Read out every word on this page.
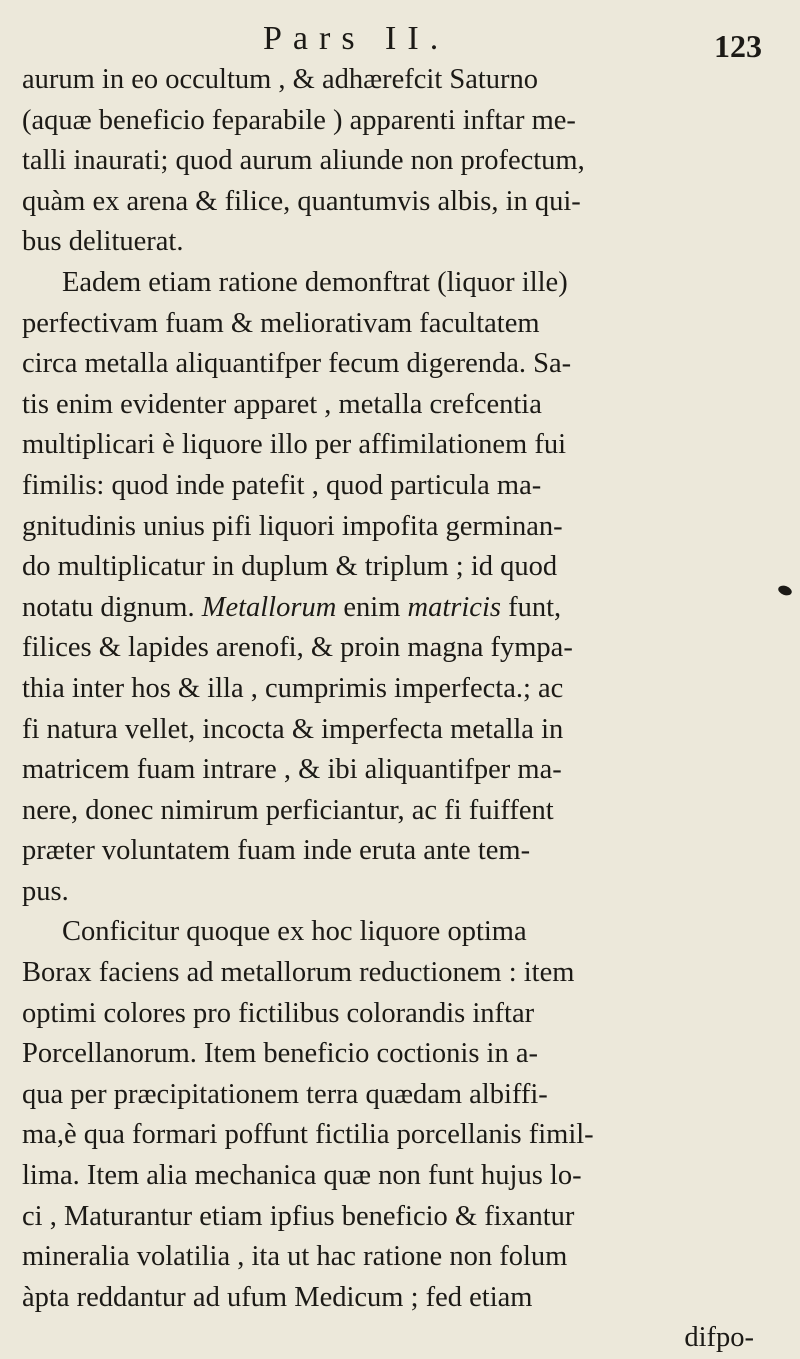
Pars II.	123
aurum in eo occultum , & adhærefcit Saturno
(aquæ beneficio feparabile ) apparenti inftar me-
talli inaurati; quod aurum aliunde non profectum,
quàm ex arena & filice, quantumvis albis, in qui-
bus delituerat.
Eadem etiam ratione demonftrat (liquor ille)
perfectivam fuam & meliorativam facultatem
circa metalla aliquantifper fecum digerenda. Sa-
tis enim evidenter apparet , metalla crefcentia
multiplicari è liquore illo per affimilationem fui
fimilis: quod inde patefit , quod particula ma-
gnitudinis unius pifi liquori impofita germinan-
do multiplicatur in duplum & triplum ; id quod
notatu dignum. Metallorum enim matricis funt,
filices & lapides arenofi, & proin magna fympa-
thia inter hos & illa , cumprimis imperfecta.; ac
fi natura vellet, incocta & imperfecta metalla in
matricem fuam intrare , & ibi aliquantifper ma-
nere, donec nimirum perficiantur, ac fi fuiffent
præter voluntatem fuam inde eruta ante tem-
pus.
Conficitur quoque ex hoc liquore optima
Borax faciens ad metallorum reductionem : item
optimi colores pro fictilibus colorandis inftar
Porcellanorum. Item beneficio coctionis in a-
qua per præcipitationem terra quædam albiffi-
ma,è qua formari poffunt fictilia porcellanis fimil-
lima. Item alia mechanica quæ non funt hujus lo-
ci , Maturantur etiam ipfius beneficio & fixantur
mineralia volatilia , ita ut hac ratione non folum
àpta reddantur ad ufum Medicum ; fed etiam
difpo-
